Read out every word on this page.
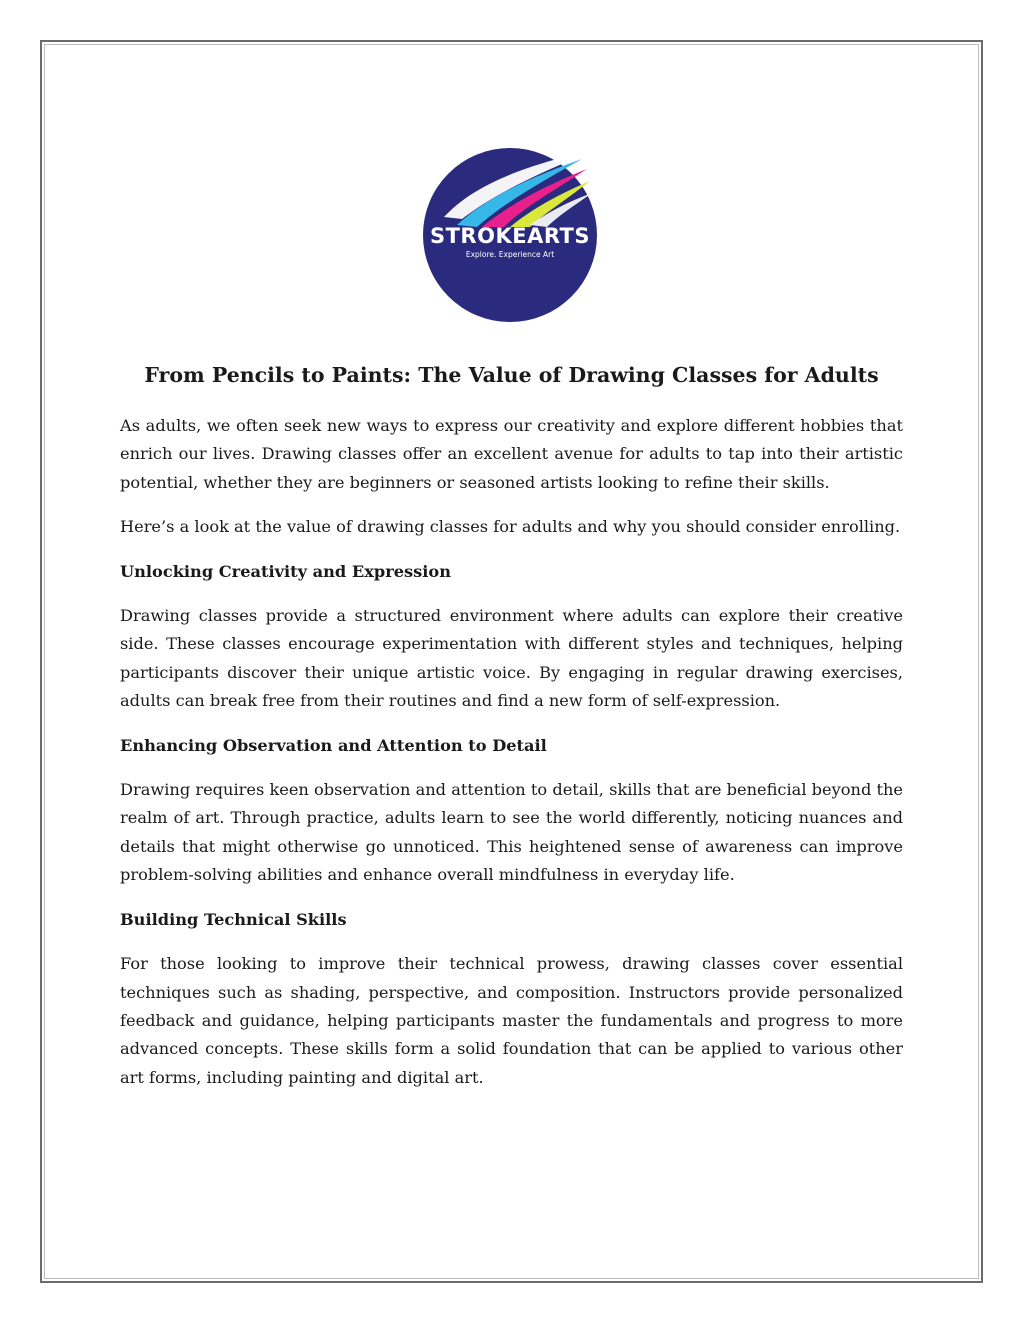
STROKEARTS
Explore. Experience Art
From Pencils to Paints: The Value of Drawing Classes for Adults

As adults, we often seek new ways to express our creativity and explore different hobbies that enrich our lives. Drawing classes offer an excellent avenue for adults to tap into their artistic potential, whether they are beginners or seasoned artists looking to refine their skills.

Here’s a look at the value of drawing classes for adults and why you should consider enrolling.

Unlocking Creativity and Expression

Drawing classes provide a structured environment where adults can explore their creative side. These classes encourage experimentation with different styles and techniques, helping participants discover their unique artistic voice. By engaging in regular drawing exercises, adults can break free from their routines and find a new form of self-expression.

Enhancing Observation and Attention to Detail

Drawing requires keen observation and attention to detail, skills that are beneficial beyond the realm of art. Through practice, adults learn to see the world differently, noticing nuances and details that might otherwise go unnoticed. This heightened sense of awareness can improve problem-solving abilities and enhance overall mindfulness in everyday life.

Building Technical Skills

For those looking to improve their technical prowess, drawing classes cover essential techniques such as shading, perspective, and composition. Instructors provide personalized feedback and guidance, helping participants master the fundamentals and progress to more advanced concepts. These skills form a solid foundation that can be applied to various other art forms, including painting and digital art.
